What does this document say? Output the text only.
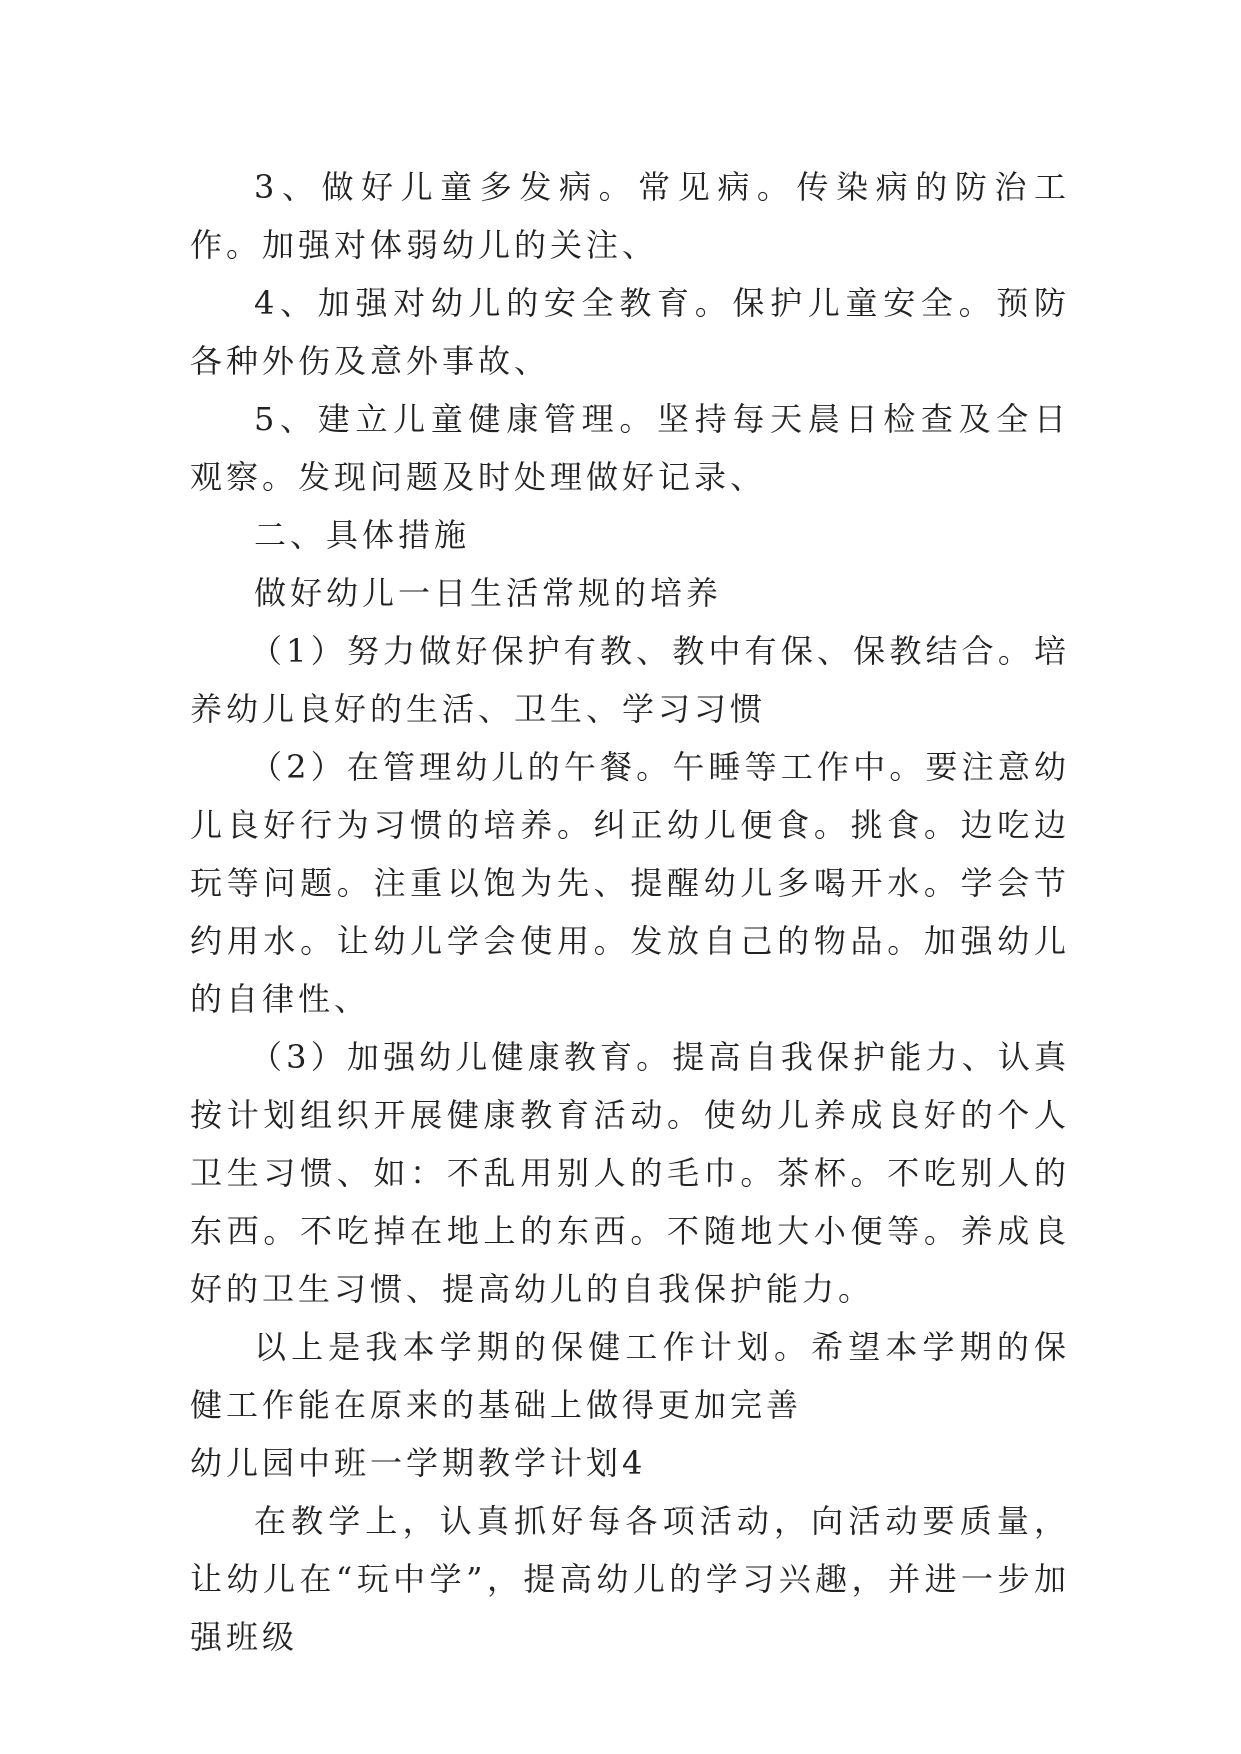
3、做好儿童多发病。常见病。传染病的防治工作。加强对体弱幼儿的关注、

4、加强对幼儿的安全教育。保护儿童安全。预防各种外伤及意外事故、

5、建立儿童健康管理。坚持每天晨日检查及全日观察。发现问题及时处理做好记录、

二、具体措施

做好幼儿一日生活常规的培养

（1）努力做好保护有教、教中有保、保教结合。培养幼儿良好的生活、卫生、学习习惯

（2）在管理幼儿的午餐。午睡等工作中。要注意幼儿良好行为习惯的培养。纠正幼儿便食。挑食。边吃边玩等问题。注重以饱为先、提醒幼儿多喝开水。学会节约用水。让幼儿学会使用。发放自己的物品。加强幼儿的自律性、

（3）加强幼儿健康教育。提高自我保护能力、认真按计划组织开展健康教育活动。使幼儿养成良好的个人卫生习惯、如：不乱用别人的毛巾。茶杯。不吃别人的东西。不吃掉在地上的东西。不随地大小便等。养成良好的卫生习惯、提高幼儿的自我保护能力。

以上是我本学期的保健工作计划。希望本学期的保健工作能在原来的基础上做得更加完善

幼儿园中班一学期教学计划4

在教学上，认真抓好每各项活动，向活动要质量，让幼儿在“玩中学”，提高幼儿的学习兴趣，并进一步加强班级
